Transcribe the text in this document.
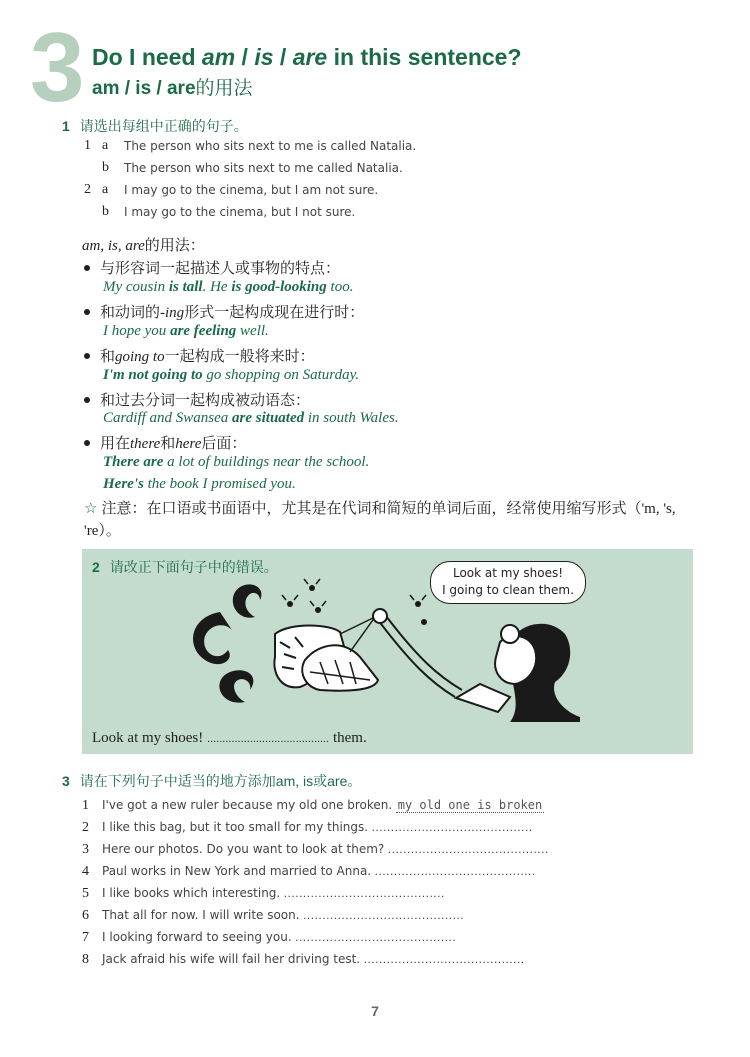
3 Do I need am / is / are in this sentence?
am / is / are的用法
1 请选出每组中正确的句子。
1 a The person who sits next to me is called Natalia.
b The person who sits next to me called Natalia.
2 a I may go to the cinema, but I am not sure.
b I may go to the cinema, but I not sure.
am, is, are的用法：
与形容词一起描述人或事物的特点：
My cousin is tall. He is good-looking too.
和动词的-ing形式一起构成现在进行时：
I hope you are feeling well.
和going to一起构成一般将来时：
I'm not going to go shopping on Saturday.
和过去分词一起构成被动语态：
Cardiff and Swansea are situated in south Wales.
用在there和here后面：
There are a lot of buildings near the school.
Here's the book I promised you.
☆ 注意：在口语或书面语中，尤其是在代词和简短的单词后面，经常使用缩写形式（'m, 's, 're）。
2 请改正下面句子中的错误。	Look at my shoes!
I going to clean them.
Look at my shoes! ........................................ them.
3 请在下列句子中适当的地方添加am, is或are。
1 I've got a new ruler because my old one broken. my old one is broken
2 I like this bag, but it too small for my things. ..........................................
3 Here our photos. Do you want to look at them? ..........................................
4 Paul works in New York and married to Anna. ..........................................
5 I like books which interesting. ..........................................
6 That all for now. I will write soon. ..........................................
7 I looking forward to seeing you. ..........................................
8 Jack afraid his wife will fail her driving test. ..........................................
7
